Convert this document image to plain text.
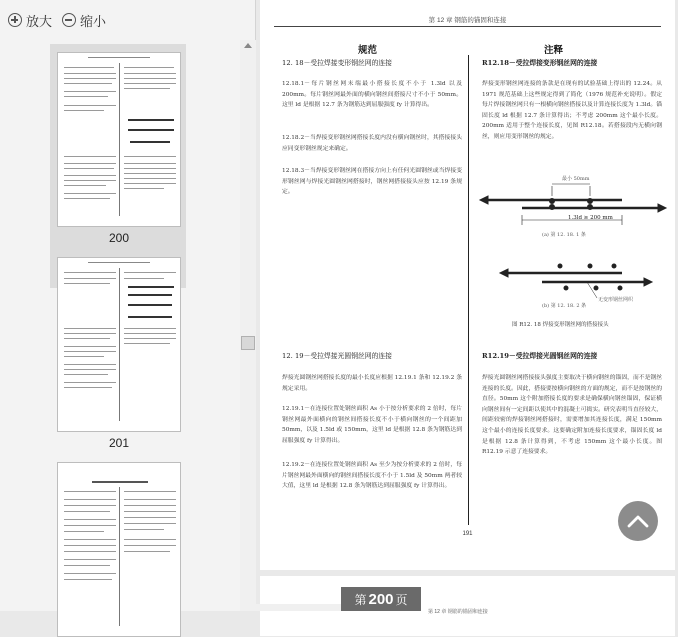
放大 缩小
200
201
第 12 章 钢筋的锚固和连接
规范	注释
12. 18－受拉焊接变形钢丝网的连接	R12.18－受拉焊接变形钢丝网的连接
12.18.1－每片钢丝网末端最小搭接长度不小于 1.3ld 以及 200mm。每片钢丝网最外面的横向钢丝间搭接尺寸不小于 50mm。这里 ld 是根据 12.7 条为钢筋达到屈服强度 fy 计算得出。
12.18.2－当焊接变形钢丝网搭接长度内没有横向钢丝时，其搭接接头应同变形钢丝规定来确定。
12.18.3－当焊接变形钢丝网在搭接方向上有任何光圆钢丝或当焊接变形钢丝网与焊接光圆钢丝网搭接时，钢丝网搭接接头应按 12.19 条规定。
焊接变形钢丝网连接的条款是在现有的试验基础上得出的 12.24。从 1971 规范基础上这些规定得到了简化（1976 规范补充说明）。假定每片焊接钢丝网只有一根横向钢丝搭接以及计算连接长度为 1.3ld。锚固长度 ld 根据 12.7 条计算得出；不考虑 200mm 这个最小长度。200mm 适用于整个连接长度，见图 R12.18。若搭接段内无横向钢丝，则应用变形钢丝的规定。
最小 50mm
1.3ld ≥ 200 mm
(a) 第 12. 18. 1 条
无变形钢丝网织
(b) 第 12. 18. 2 条
图 R12. 18 焊接变形钢丝网的搭接接头
12. 19－受拉焊接光圆钢丝网的连接	R12.19－受拉焊接光圆钢丝网的连接
焊接光圆钢丝网搭接长度的最小长度应根据 12.19.1 条和 12.19.2 条规定采用。
12.19.1－在连接位置处钢丝面积 As 小于按分析要求的 2 倍时，每片钢丝网最外面横向的钢丝间搭接长度不小于横向钢丝的一个间距加 50mm，以及 1.5ld 或 150mm，这里 ld 是根据 12.8 条为钢筋达到屈服强度 fy 计算得出。
12.19.2－在连接位置处钢丝面积 As 至少为按分析要求的 2 倍时，每片钢丝网最外面横向的钢丝间搭接长度不小于 1.5ld 及 50mm 两者较大值，这里 ld 是根据 12.8 条为钢筋达到屈服强度 fy 计算得出。
焊接光圆钢丝网搭接接头强度主要取决于横向钢丝的锚固，而不是钢丝连接的长度。因此，搭接要按横向钢丝的方面的规定，而不是按钢丝的直径。50mm 这个附加搭接长度的要求是确保横向钢丝锚固，保证横向钢丝间有一定间距以使其中的混凝土可捣实。研究表明当直径较大，间距较密的焊接钢丝网搭接时，需要增加其连接长度，满足 150mm 这个最小的连接长度要求。这要确定附加连接长度要求，锚固长度 ld 是根据 12.8 条计算得到，不考虑 150mm 这个最小长度。图 R12.19 示意了连接要求。
191
第 12 章 钢筋的锚固和连接
第 200 页
